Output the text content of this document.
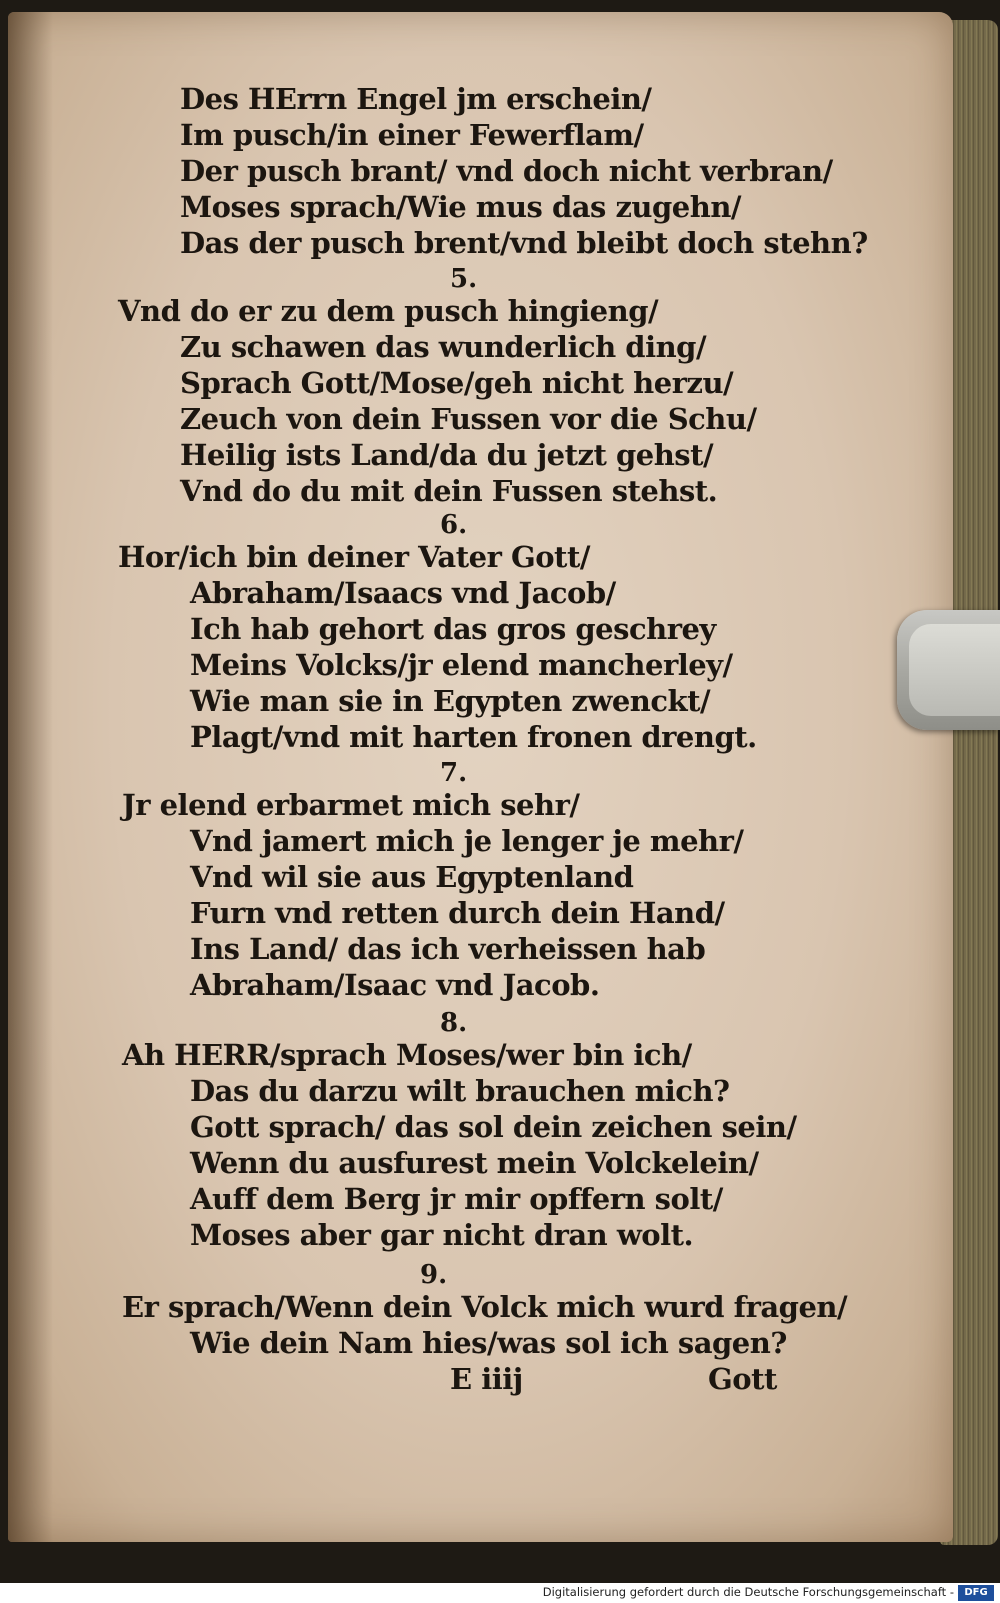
Des HErrn Engel jm erschein/
Im pusch/in einer Fewerflam/
Der pusch brant/ vnd doch nicht verbran/
Moses sprach/Wie mus das zugehn/
Das der pusch brent/vnd bleibt doch stehn?
5.
Vnd do er zu dem pusch hingieng/
Zu schawen das wunderlich ding/
Sprach Gott/Mose/geh nicht herzu/
Zeuch von dein Fussen vor die Schu/
Heilig ists Land/da du jetzt gehst/
Vnd do du mit dein Fussen stehst.
6.
Hor/ich bin deiner Vater Gott/
Abraham/Isaacs vnd Jacob/
Ich hab gehort das gros geschrey
Meins Volcks/jr elend mancherley/
Wie man sie in Egypten zwenckt/
Plagt/vnd mit harten fronen drengt.
7.
Jr elend erbarmet mich sehr/
Vnd jamert mich je lenger je mehr/
Vnd wil sie aus Egyptenland
Furn vnd retten durch dein Hand/
Ins Land/ das ich verheissen hab
Abraham/Isaac vnd Jacob.
8.
Ah HERR/sprach Moses/wer bin ich/
Das du darzu wilt brauchen mich?
Gott sprach/ das sol dein zeichen sein/
Wenn du ausfurest mein Volckelein/
Auff dem Berg jr mir opffern solt/
Moses aber gar nicht dran wolt.
9.
Er sprach/Wenn dein Volck mich wurd fragen/
Wie dein Nam hies/was sol ich sagen?
E iiij	Gott
Digitalisierung gefordert durch die Deutsche Forschungsgemeinschaft -	DFG
